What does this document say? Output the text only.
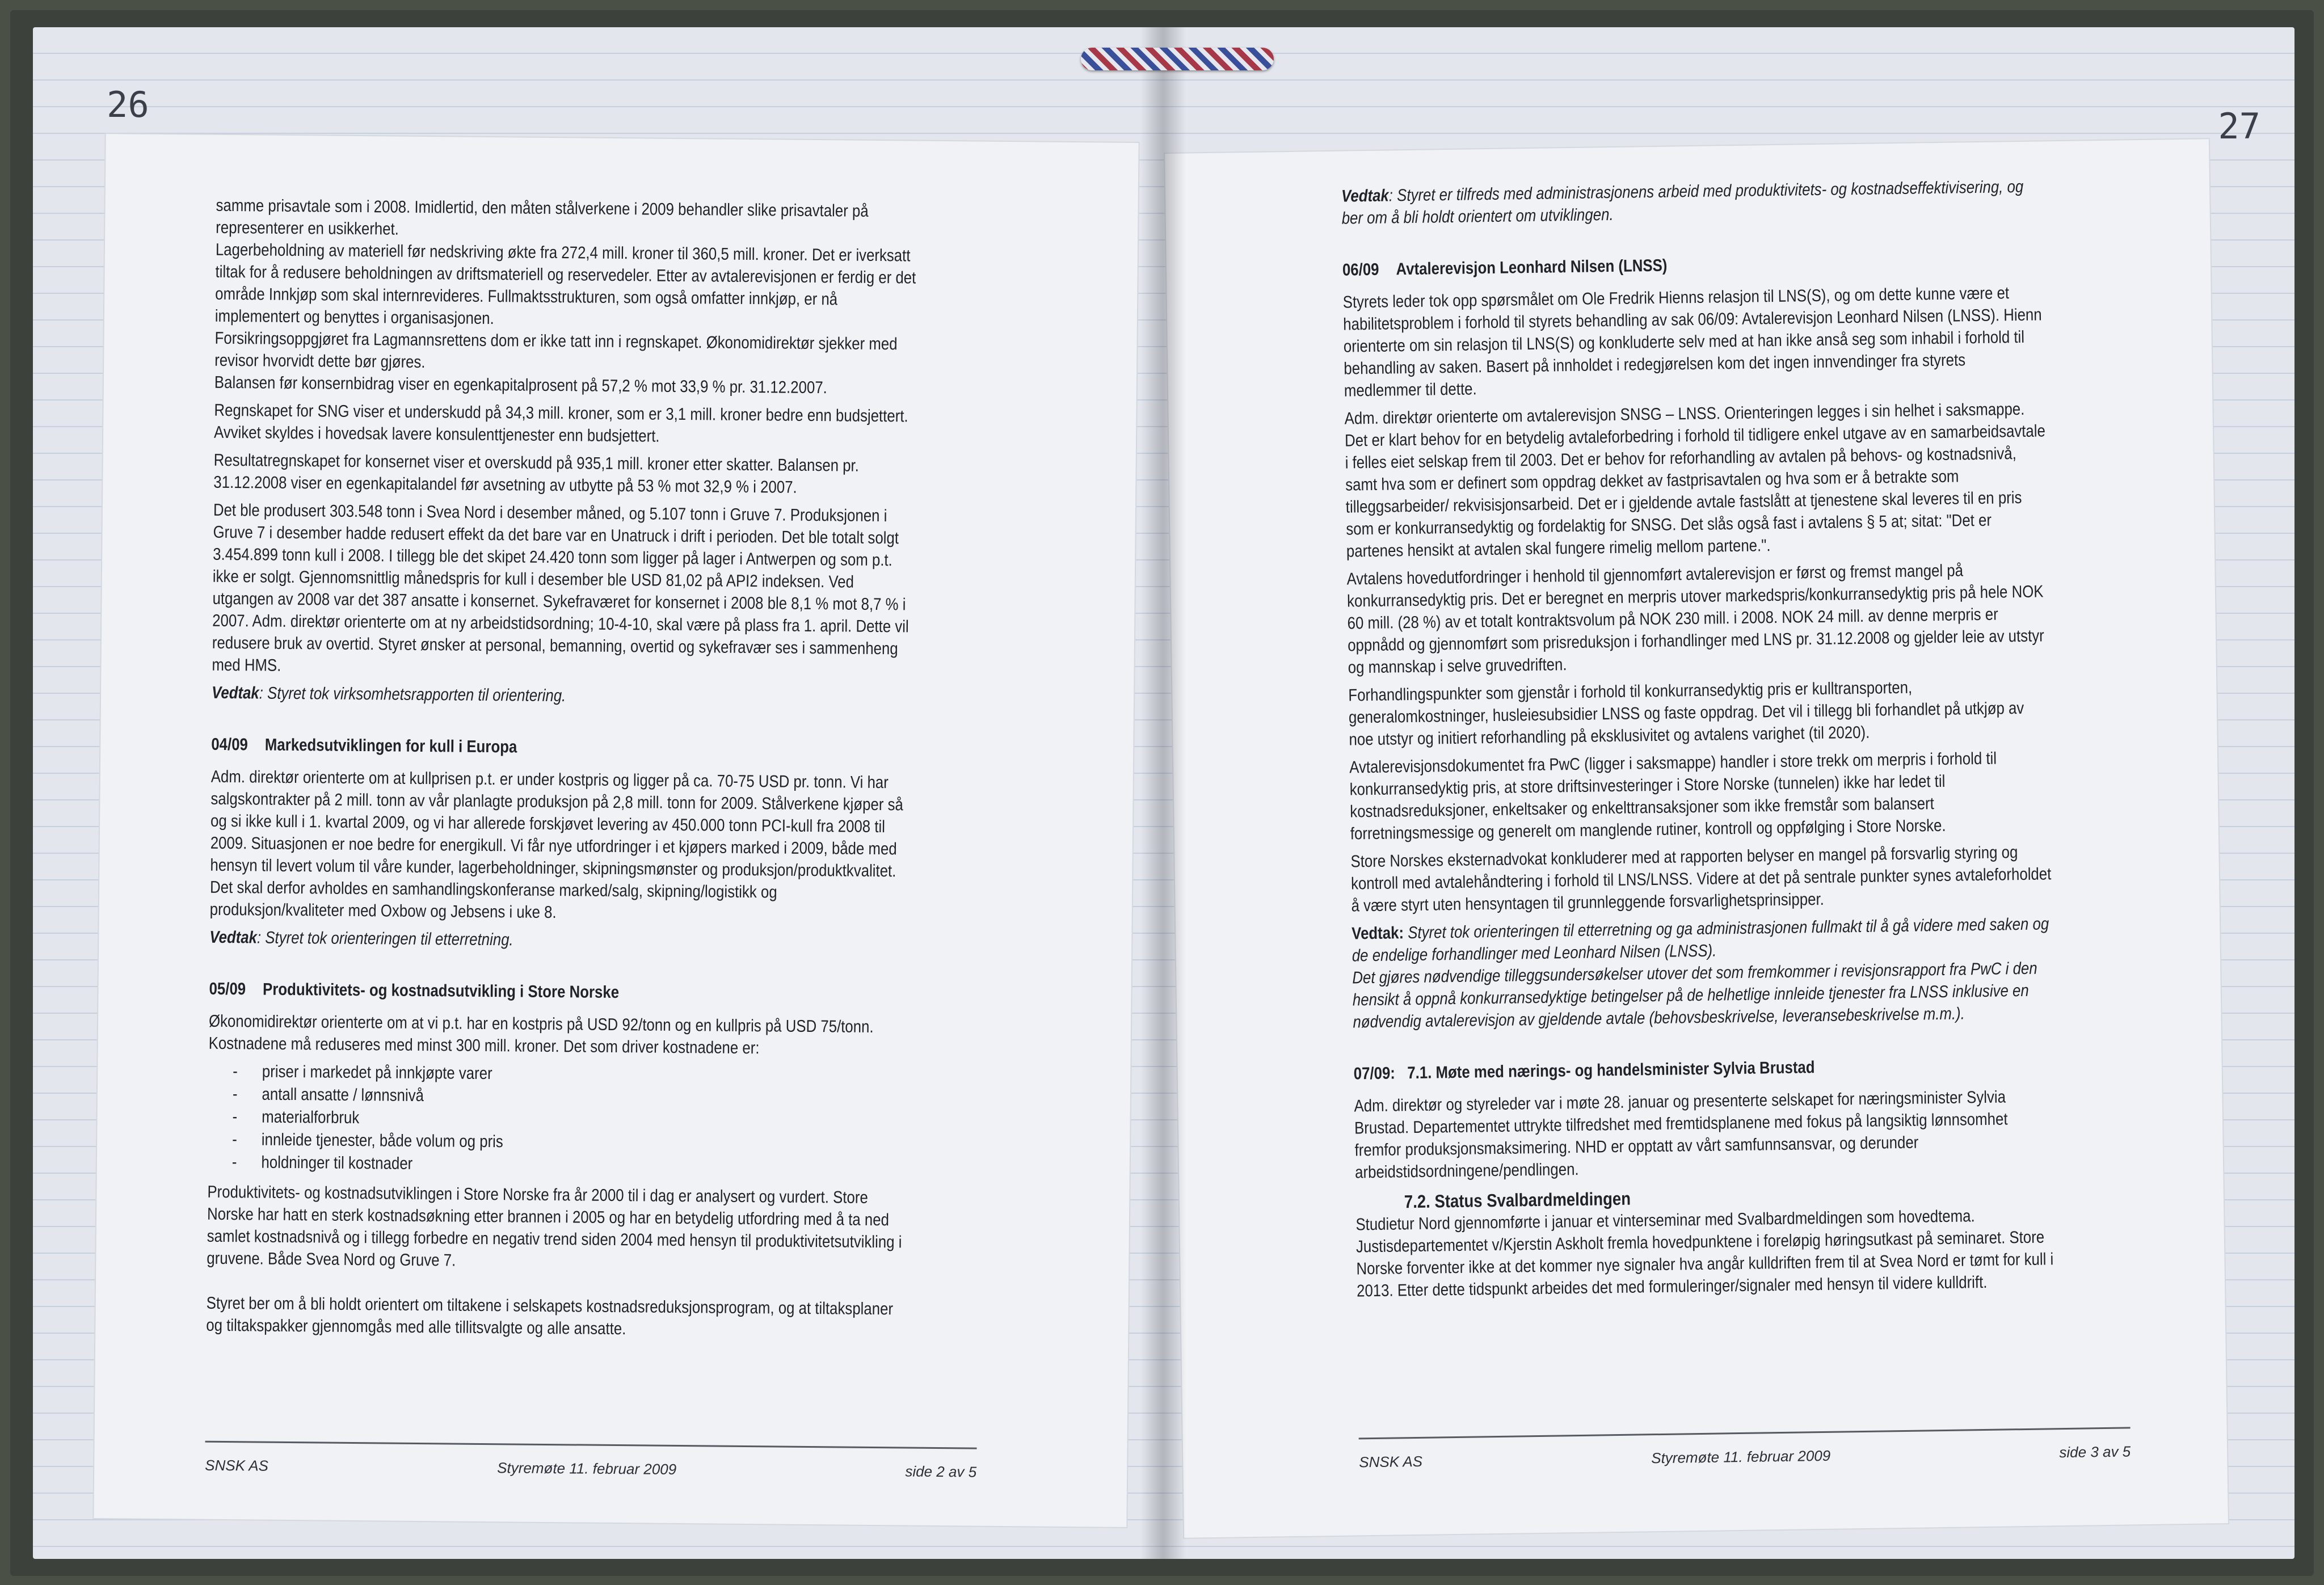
26

samme prisavtale som i 2008. Imidlertid, den måten stålverkene i 2009 behandler slike prisavtaler på representerer en usikkerhet.

Lagerbeholdning av materiell før nedskriving økte fra 272,4 mill. kroner til 360,5 mill. kroner. Det er iverksatt tiltak for å redusere beholdningen av driftsmateriell og reservedeler. Etter av avtalerevisjonen er ferdig er det område Innkjøp som skal internrevideres. Fullmaktsstrukturen, som også omfatter innkjøp, er nå implementert og benyttes i organisasjonen.

Forsikringsoppgjøret fra Lagmannsrettens dom er ikke tatt inn i regnskapet. Økonomidirektør sjekker med revisor hvorvidt dette bør gjøres.

Balansen før konsernbidrag viser en egenkapitalprosent på 57,2 % mot 33,9 % pr. 31.12.2007.

Regnskapet for SNG viser et underskudd på 34,3 mill. kroner, som er 3,1 mill. kroner bedre enn budsjettert. Avviket skyldes i hovedsak lavere konsulenttjenester enn budsjettert.

Resultatregnskapet for konsernet viser et overskudd på 935,1 mill. kroner etter skatter. Balansen pr. 31.12.2008 viser en egenkapitalandel før avsetning av utbytte på 53 % mot 32,9 % i 2007.

Det ble produsert 303.548 tonn i Svea Nord i desember måned, og 5.107 tonn i Gruve 7. Produksjonen i Gruve 7 i desember hadde redusert effekt da det bare var en Unatruck i drift i perioden. Det ble totalt solgt 3.454.899 tonn kull i 2008. I tillegg ble det skipet 24.420 tonn som ligger på lager i Antwerpen og som p.t. ikke er solgt. Gjennomsnittlig månedspris for kull i desember ble USD 81,02 på API2 indeksen. Ved utgangen av 2008 var det 387 ansatte i konsernet. Sykefraværet for konsernet i 2008 ble 8,1 % mot 8,7 % i 2007. Adm. direktør orienterte om at ny arbeidstidsordning; 10-4-10, skal være på plass fra 1. april. Dette vil redusere bruk av overtid. Styret ønsker at personal, bemanning, overtid og sykefravær ses i sammenheng med HMS.

Vedtak: Styret tok virksomhetsrapporten til orientering.

04/09 Markedsutviklingen for kull i Europa

Adm. direktør orienterte om at kullprisen p.t. er under kostpris og ligger på ca. 70-75 USD pr. tonn. Vi har salgskontrakter på 2 mill. tonn av vår planlagte produksjon på 2,8 mill. tonn for 2009. Stålverkene kjøper så og si ikke kull i 1. kvartal 2009, og vi har allerede forskjøvet levering av 450.000 tonn PCI-kull fra 2008 til 2009. Situasjonen er noe bedre for energikull. Vi får nye utfordringer i et kjøpers marked i 2009, både med hensyn til levert volum til våre kunder, lagerbeholdninger, skipningsmønster og produksjon/produktkvalitet. Det skal derfor avholdes en samhandlingskonferanse marked/salg, skipning/logistikk og produksjon/kvaliteter med Oxbow og Jebsens i uke 8.

Vedtak: Styret tok orienteringen til etterretning.

05/09 Produktivitets- og kostnadsutvikling i Store Norske

Økonomidirektør orienterte om at vi p.t. har en kostpris på USD 92/tonn og en kullpris på USD 75/tonn. Kostnadene må reduseres med minst 300 mill. kroner. Det som driver kostnadene er:

- priser i markedet på innkjøpte varer
- antall ansatte / lønnsnivå
- materialforbruk
- innleide tjenester, både volum og pris
- holdninger til kostnader

Produktivitets- og kostnadsutviklingen i Store Norske fra år 2000 til i dag er analysert og vurdert. Store Norske har hatt en sterk kostnadsøkning etter brannen i 2005 og har en betydelig utfordring med å ta ned samlet kostnadsnivå og i tillegg forbedre en negativ trend siden 2004 med hensyn til produktivitetsutvikling i gruvene. Både Svea Nord og Gruve 7.

Styret ber om å bli holdt orientert om tiltakene i selskapets kostnadsreduksjonsprogram, og at tiltaksplaner og tiltakspakker gjennomgås med alle tillitsvalgte og alle ansatte.

SNSK AS	Styremøte 11. februar 2009	side 2 av 5
27

Vedtak: Styret er tilfreds med administrasjonens arbeid med produktivitets- og kostnadseffektivisering, og ber om å bli holdt orientert om utviklingen.

06/09 Avtalerevisjon Leonhard Nilsen (LNSS)

Styrets leder tok opp spørsmålet om Ole Fredrik Hienns relasjon til LNS(S), og om dette kunne være et habilitetsproblem i forhold til styrets behandling av sak 06/09: Avtalerevisjon Leonhard Nilsen (LNSS). Hienn orienterte om sin relasjon til LNS(S) og konkluderte selv med at han ikke anså seg som inhabil i forhold til behandling av saken. Basert på innholdet i redegjørelsen kom det ingen innvendinger fra styrets medlemmer til dette.

Adm. direktør orienterte om avtalerevisjon SNSG – LNSS. Orienteringen legges i sin helhet i saksmappe. Det er klart behov for en betydelig avtaleforbedring i forhold til tidligere enkel utgave av en samarbeidsavtale i felles eiet selskap frem til 2003. Det er behov for reforhandling av avtalen på behovs- og kostnadsnivå, samt hva som er definert som oppdrag dekket av fastprisavtalen og hva som er å betrakte som tilleggsarbeider/ rekvisisjonsarbeid. Det er i gjeldende avtale fastslått at tjenestene skal leveres til en pris som er konkurransedyktig og fordelaktig for SNSG. Det slås også fast i avtalens § 5 at; sitat: "Det er partenes hensikt at avtalen skal fungere rimelig mellom partene.".

Avtalens hovedutfordringer i henhold til gjennomført avtalerevisjon er først og fremst mangel på konkurransedyktig pris. Det er beregnet en merpris utover markedspris/konkurransedyktig pris på hele NOK 60 mill. (28 %) av et totalt kontraktsvolum på NOK 230 mill. i 2008. NOK 24 mill. av denne merpris er oppnådd og gjennomført som prisreduksjon i forhandlinger med LNS pr. 31.12.2008 og gjelder leie av utstyr og mannskap i selve gruvedriften.

Forhandlingspunkter som gjenstår i forhold til konkurransedyktig pris er kulltransporten, generalomkostninger, husleiesubsidier LNSS og faste oppdrag. Det vil i tillegg bli forhandlet på utkjøp av noe utstyr og initiert reforhandling på eksklusivitet og avtalens varighet (til 2020).

Avtalerevisjonsdokumentet fra PwC (ligger i saksmappe) handler i store trekk om merpris i forhold til konkurransedyktig pris, at store driftsinvesteringer i Store Norske (tunnelen) ikke har ledet til kostnadsreduksjoner, enkeltsaker og enkelttransaksjoner som ikke fremstår som balansert forretningsmessige og generelt om manglende rutiner, kontroll og oppfølging i Store Norske.

Store Norskes eksternadvokat konkluderer med at rapporten belyser en mangel på forsvarlig styring og kontroll med avtalehåndtering i forhold til LNS/LNSS. Videre at det på sentrale punkter synes avtaleforholdet å være styrt uten hensyntagen til grunnleggende forsvarlighetsprinsipper.

Vedtak: Styret tok orienteringen til etterretning og ga administrasjonen fullmakt til å gå videre med saken og de endelige forhandlinger med Leonhard Nilsen (LNSS).

Det gjøres nødvendige tilleggsundersøkelser utover det som fremkommer i revisjonsrapport fra PwC i den hensikt å oppnå konkurransedyktige betingelser på de helhetlige innleide tjenester fra LNSS inklusive en nødvendig avtalerevisjon av gjeldende avtale (behovsbeskrivelse, leveransebeskrivelse m.m.).

07/09: 7.1. Møte med nærings- og handelsminister Sylvia Brustad

Adm. direktør og styreleder var i møte 28. januar og presenterte selskapet for næringsminister Sylvia Brustad. Departementet uttrykte tilfredshet med fremtidsplanene med fokus på langsiktig lønnsomhet fremfor produksjonsmaksimering. NHD er opptatt av vårt samfunnsansvar, og derunder arbeidstidsordningene/pendlingen.

7.2. Status Svalbardmeldingen

Studietur Nord gjennomførte i januar et vinterseminar med Svalbardmeldingen som hovedtema. Justisdepartementet v/Kjerstin Askholt fremla hovedpunktene i foreløpig høringsutkast på seminaret. Store Norske forventer ikke at det kommer nye signaler hva angår kulldriften frem til at Svea Nord er tømt for kull i 2013. Etter dette tidspunkt arbeides det med formuleringer/signaler med hensyn til videre kulldrift.

SNSK AS	Styremøte 11. februar 2009	side 3 av 5
